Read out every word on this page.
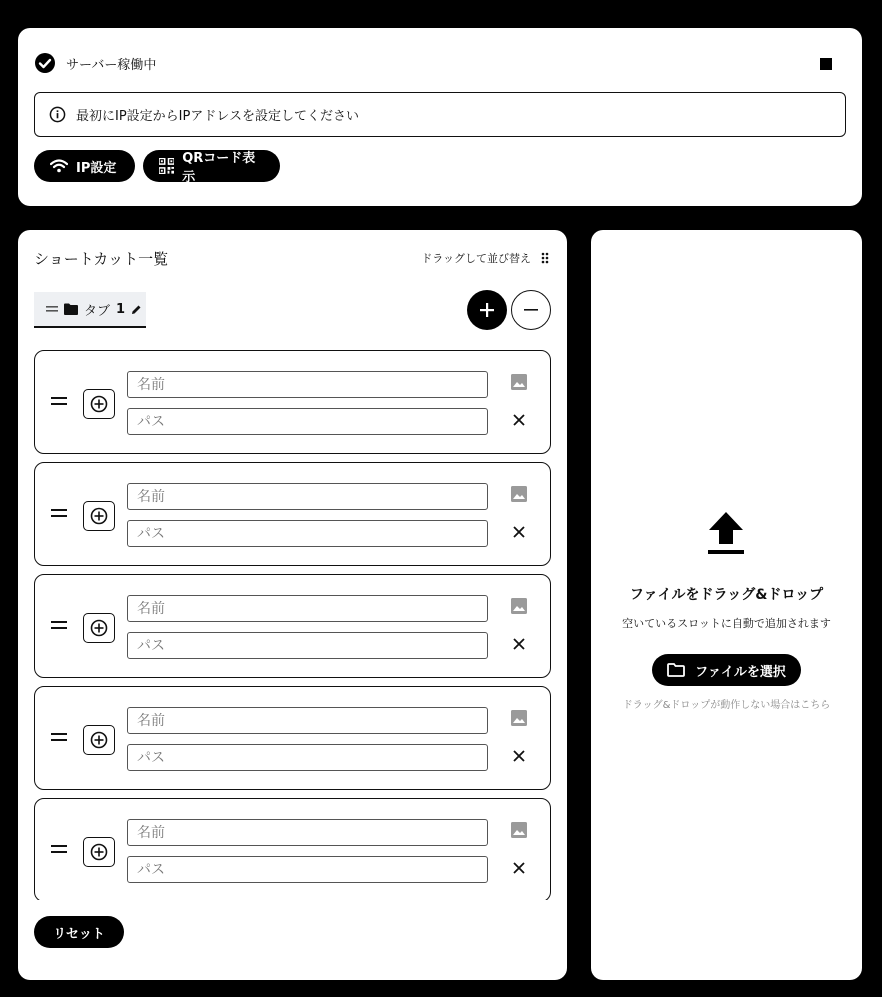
サーバー稼働中
最初にIP設定からIPアドレスを設定してください
IP設定
QRコード表示
ショートカット一覧	ドラッグして並び替え
タブ 1
名前
パス
名前
パス
名前
パス
名前
パス
名前
パス
リセット
ファイルをドラッグ&ドロップ
空いているスロットに自動で追加されます
ファイルを選択
ドラッグ&ドロップが動作しない場合はこちら
